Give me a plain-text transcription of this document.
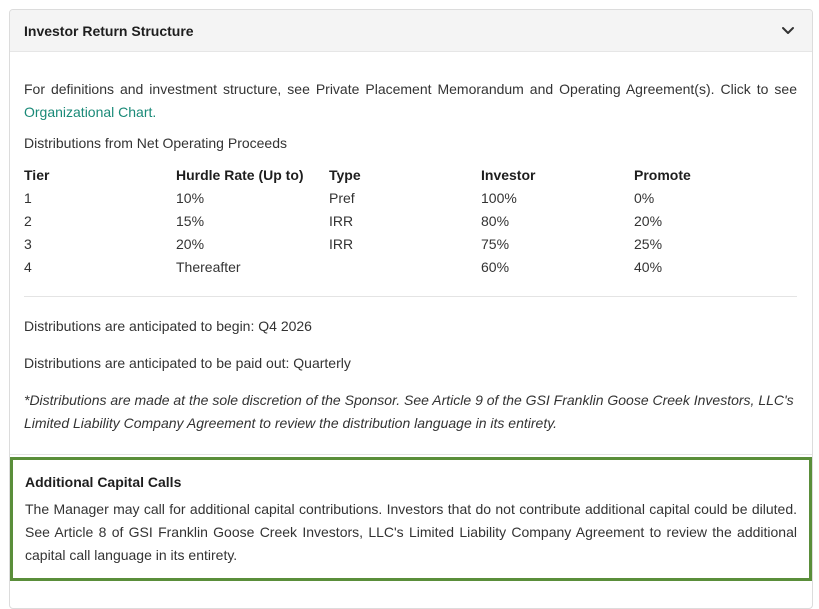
Investor Return Structure

For definitions and investment structure, see Private Placement Memorandum and Operating Agreement(s). Click to see Organizational Chart.

Distributions from Net Operating Proceeds

Tier	Hurdle Rate (Up to)	Type	Investor	Promote
1	10%	Pref	100%	0%
2	15%	IRR	80%	20%
3	20%	IRR	75%	25%
4	Thereafter		60%	40%

Distributions are anticipated to begin: Q4 2026

Distributions are anticipated to be paid out: Quarterly

*Distributions are made at the sole discretion of the Sponsor. See Article 9 of the GSI Franklin Goose Creek Investors, LLC's Limited Liability Company Agreement to review the distribution language in its entirety.

Additional Capital Calls

The Manager may call for additional capital contributions. Investors that do not contribute additional capital could be diluted. See Article 8 of GSI Franklin Goose Creek Investors, LLC's Limited Liability Company Agreement to review the additional capital call language in its entirety.
